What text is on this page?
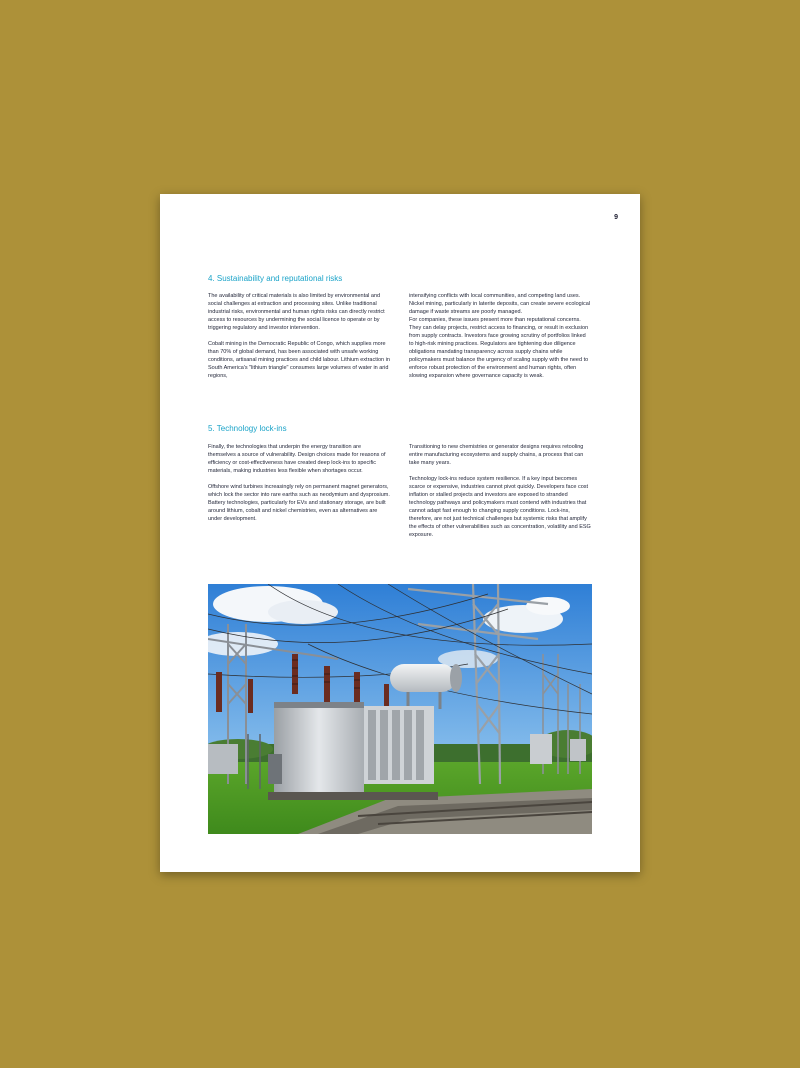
9
4. Sustainability and reputational risks

The availability of critical materials is also limited by environmental and social challenges at extraction and processing sites. Unlike traditional industrial risks, environmental and human rights risks can directly restrict access to resources by undermining the social licence to operate or by triggering regulatory and investor intervention.

Cobalt mining in the Democratic Republic of Congo, which supplies more than 70% of global demand, has been associated with unsafe working conditions, artisanal mining practices and child labour. Lithium extraction in South America's "lithium triangle" consumes large volumes of water in arid regions,

intensifying conflicts with local communities, and competing land uses. Nickel mining, particularly in laterite deposits, can create severe ecological damage if waste streams are poorly managed.

For companies, these issues present more than reputational concerns. They can delay projects, restrict access to financing, or result in exclusion from supply contracts. Investors face growing scrutiny of portfolios linked to high-risk mining practices. Regulators are tightening due diligence obligations mandating transparency across supply chains while policymakers must balance the urgency of scaling supply with the need to enforce robust protection of the environment and human rights, often slowing expansion where governance capacity is weak.

5. Technology lock-ins

Finally, the technologies that underpin the energy transition are themselves a source of vulnerability. Design choices made for reasons of efficiency or cost-effectiveness have created deep lock-ins to specific materials, making industries less flexible when shortages occur.

Offshore wind turbines increasingly rely on permanent magnet generators, which lock the sector into rare earths such as neodymium and dysprosium. Battery technologies, particularly for EVs and stationary storage, are built around lithium, cobalt and nickel chemistries, even as alternatives are under development.

Transitioning to new chemistries or generator designs requires retooling entire manufacturing ecosystems and supply chains, a process that can take many years.

Technology lock-ins reduce system resilience. If a key input becomes scarce or expensive, industries cannot pivot quickly. Developers face cost inflation or stalled projects and investors are exposed to stranded technology pathways and policymakers must contend with industries that cannot adapt fast enough to changing supply conditions. Lock-ins, therefore, are not just technical challenges but systemic risks that amplify the effects of other vulnerabilities such as concentration, volatility and ESG exposure.
